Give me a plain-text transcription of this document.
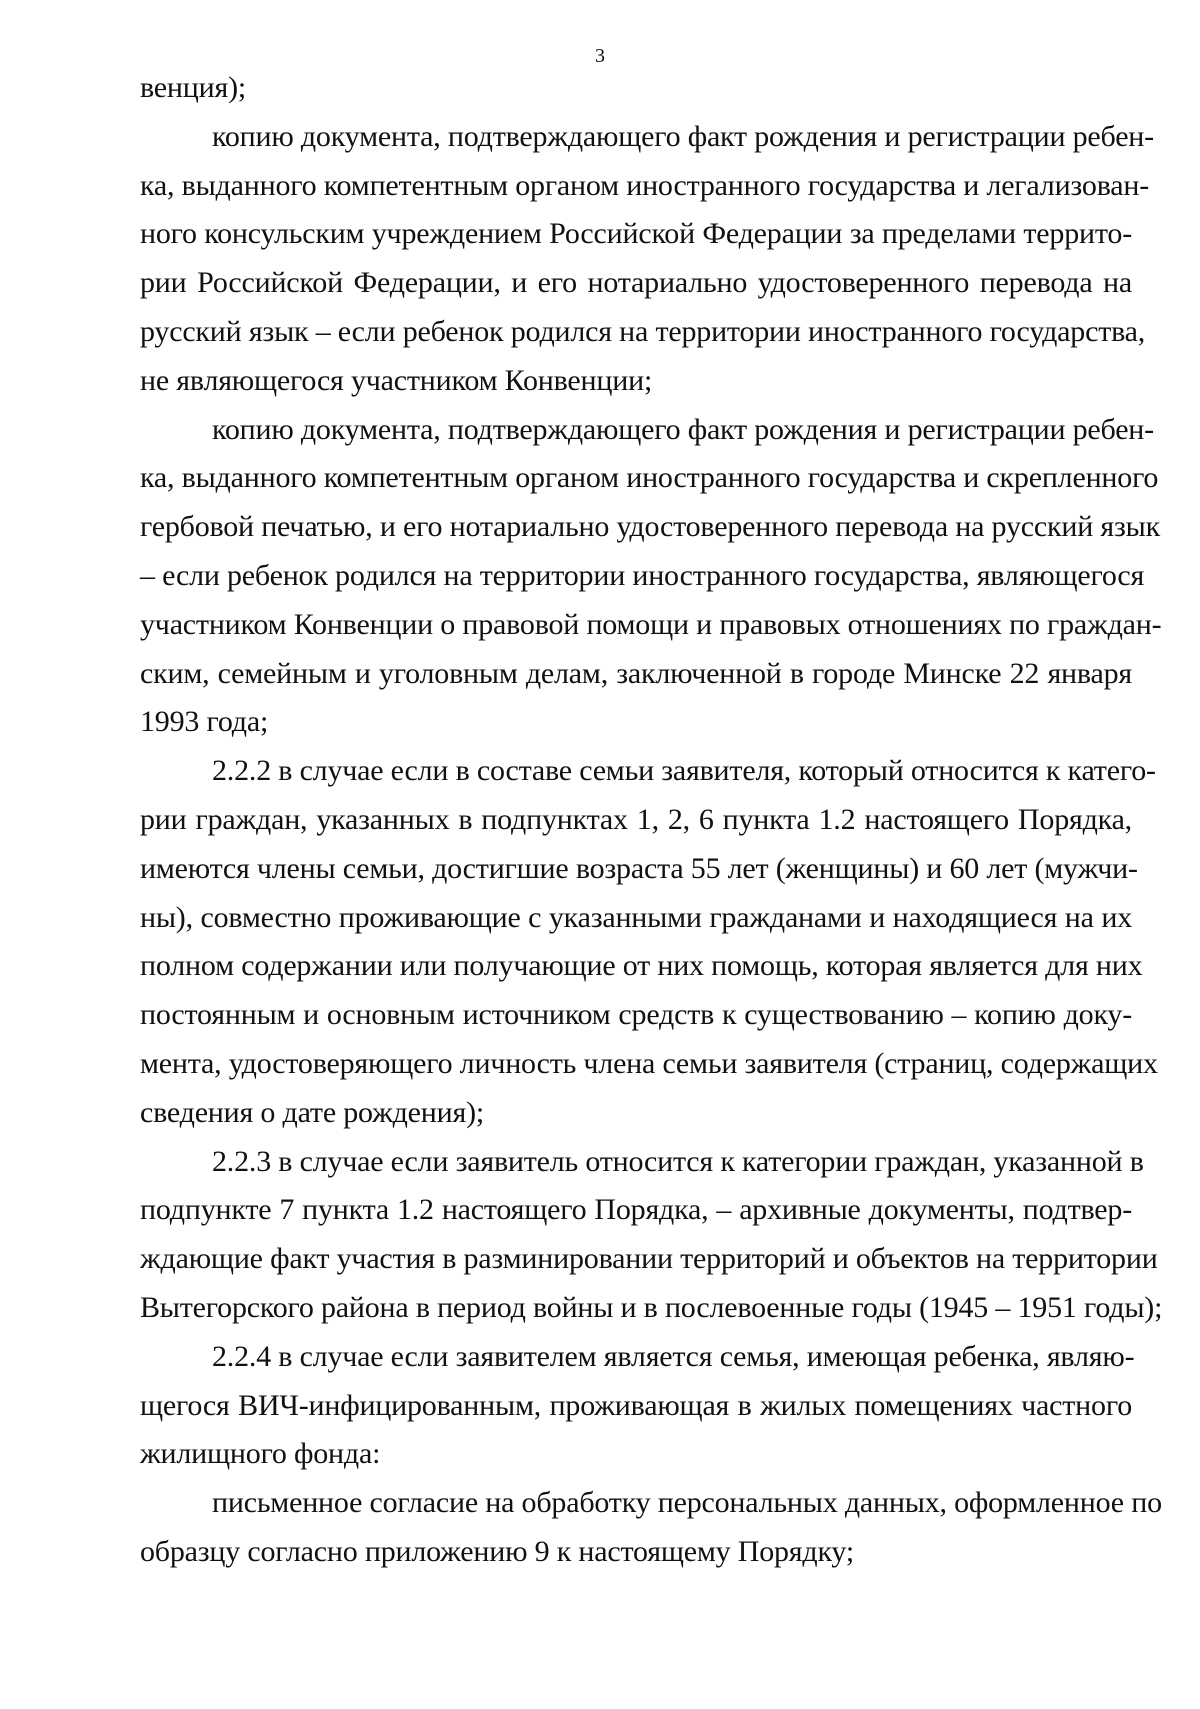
3
венция);
копию документа, подтверждающего факт рождения и регистрации ребен-
ка, выданного компетентным органом иностранного государства и легализован-
ного консульским учреждением Российской Федерации за пределами террито-
рии Российской Федерации, и его нотариально удостоверенного перевода на
русский язык – если ребенок родился на территории иностранного государства,
не являющегося участником Конвенции;
копию документа, подтверждающего факт рождения и регистрации ребен-
ка, выданного компетентным органом иностранного государства и скрепленного
гербовой печатью, и его нотариально удостоверенного перевода на русский язык
– если ребенок родился на территории иностранного государства, являющегося
участником Конвенции о правовой помощи и правовых отношениях по граждан-
ским, семейным и уголовным делам, заключенной в городе Минске 22 января
1993 года;
2.2.2 в случае если в составе семьи заявителя, который относится к катего-
рии граждан, указанных в подпунктах 1, 2, 6 пункта 1.2 настоящего Порядка,
имеются члены семьи, достигшие возраста 55 лет (женщины) и 60 лет (мужчи-
ны), совместно проживающие с указанными гражданами и находящиеся на их
полном содержании или получающие от них помощь, которая является для них
постоянным и основным источником средств к существованию – копию доку-
мента, удостоверяющего личность члена семьи заявителя (страниц, содержащих
сведения о дате рождения);
2.2.3 в случае если заявитель относится к категории граждан, указанной в
подпункте 7 пункта 1.2 настоящего Порядка, – архивные документы, подтвер-
ждающие факт участия в разминировании территорий и объектов на территории
Вытегорского района в период войны и в послевоенные годы (1945 – 1951 годы);
2.2.4 в случае если заявителем является семья, имеющая ребенка, являю-
щегося ВИЧ-инфицированным, проживающая в жилых помещениях частного
жилищного фонда:
письменное согласие на обработку персональных данных, оформленное по
образцу согласно приложению 9 к настоящему Порядку;
